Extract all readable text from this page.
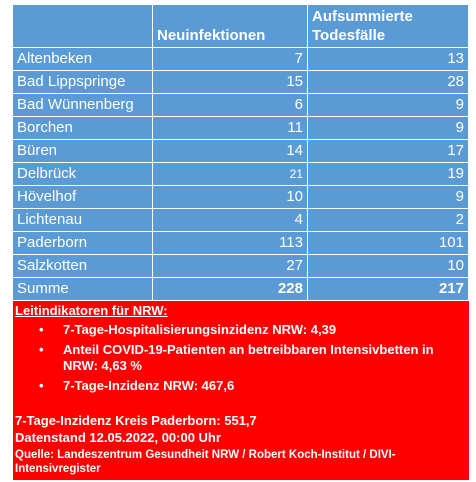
	Neuinfektionen	Aufsummierte Todesfälle
Altenbeken	7	13
Bad Lippspringe	15	28
Bad Wünnenberg	6	9
Borchen	11	9
Büren	14	17
Delbrück	21	19
Hövelhof	10	9
Lichtenau	4	2
Paderborn	113	101
Salzkotten	27	10
Summe	228	217
Leitindikatoren für NRW:
• 7-Tage-Hospitalisierungsinzidenz NRW: 4,39
• Anteil COVID-19-Patienten an betreibbaren Intensivbetten in NRW: 4,63 %
• 7-Tage-Inzidenz NRW: 467,6
7-Tage-Inzidenz Kreis Paderborn: 551,7
Datenstand 12.05.2022, 00:00 Uhr
Quelle: Landeszentrum Gesundheit NRW / Robert Koch-Institut / DIVI-Intensivregister
